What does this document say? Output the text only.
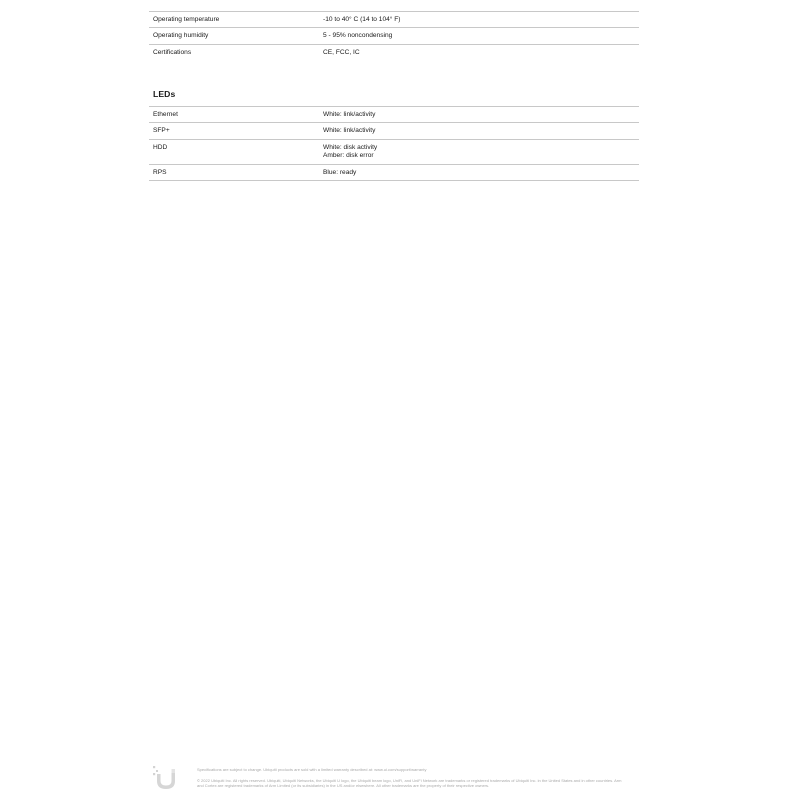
Operating temperature	-10 to 40° C (14 to 104° F)
Operating humidity	5 - 95% noncondensing
Certifications	CE, FCC, IC
LEDs
Ethernet	White: link/activity

SFP+	White: link/activity

HDD	White: disk activity
Amber: disk error

RPS	Blue: ready
Specifications are subject to change. Ubiquiti products are sold with a limited warranty described at: www.ui.com/support/warranty
© 2022 Ubiquiti Inc. All rights reserved. Ubiquiti, Ubiquiti Networks, the Ubiquiti U logo, the Ubiquiti beam logo, UniFi, and UniFi Network are trademarks or registered trademarks of Ubiquiti Inc. in the United States and in other countries. Arm and Cortex are registered trademarks of Arm Limited (or its subsidiaries) in the US and/or elsewhere. All other trademarks are the property of their respective owners.
